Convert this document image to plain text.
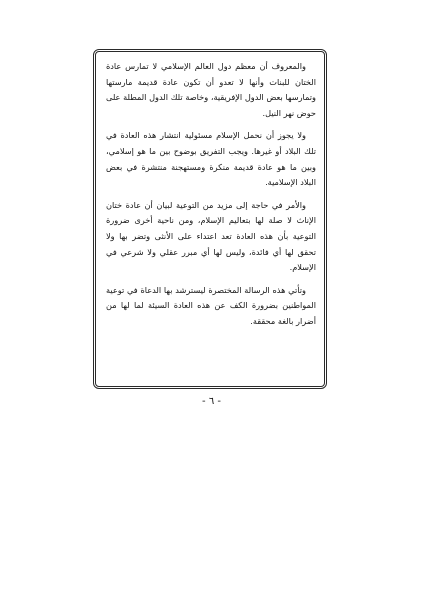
والمعروف أن معظم دول العالم الإسلامي لا تمارس عادة الختان للبنات وأنها لا تعدو أن تكون عادة قديمة مارستها وتمارسها بعض الدول الإفريقية، وخاصة تلك الدول المطلة على حوض نهر النيل.

ولا يجوز أن نحمل الإسلام مسئولية انتشار هذه العادة في تلك البلاد أو غيرها. ويجب التفريق بوضوح بين ما هو إسلامي، وبين ما هو عادة قديمة منكرة ومستهجنة منتشرة في بعض البلاد الإسلامية.

والأمر في حاجة إلى مزيد من التوعية لبيان أن عادة ختان الإناث لا صلة لها بتعاليم الإسلام، ومن ناحية أخرى ضرورة التوعية بأن هذه العادة تعد اعتداء على الأنثى وتضر بها ولا تحقق لها أي فائدة، وليس لها أي مبرر عقلي ولا شرعي في الإسلام.

وتأتي هذه الرسالة المختصرة ليسترشد بها الدعاة في توعية المواطنين بضرورة الكف عن هذه العادة السيئة لما لها من أضرار بالغة محققة.

- ٦ -
